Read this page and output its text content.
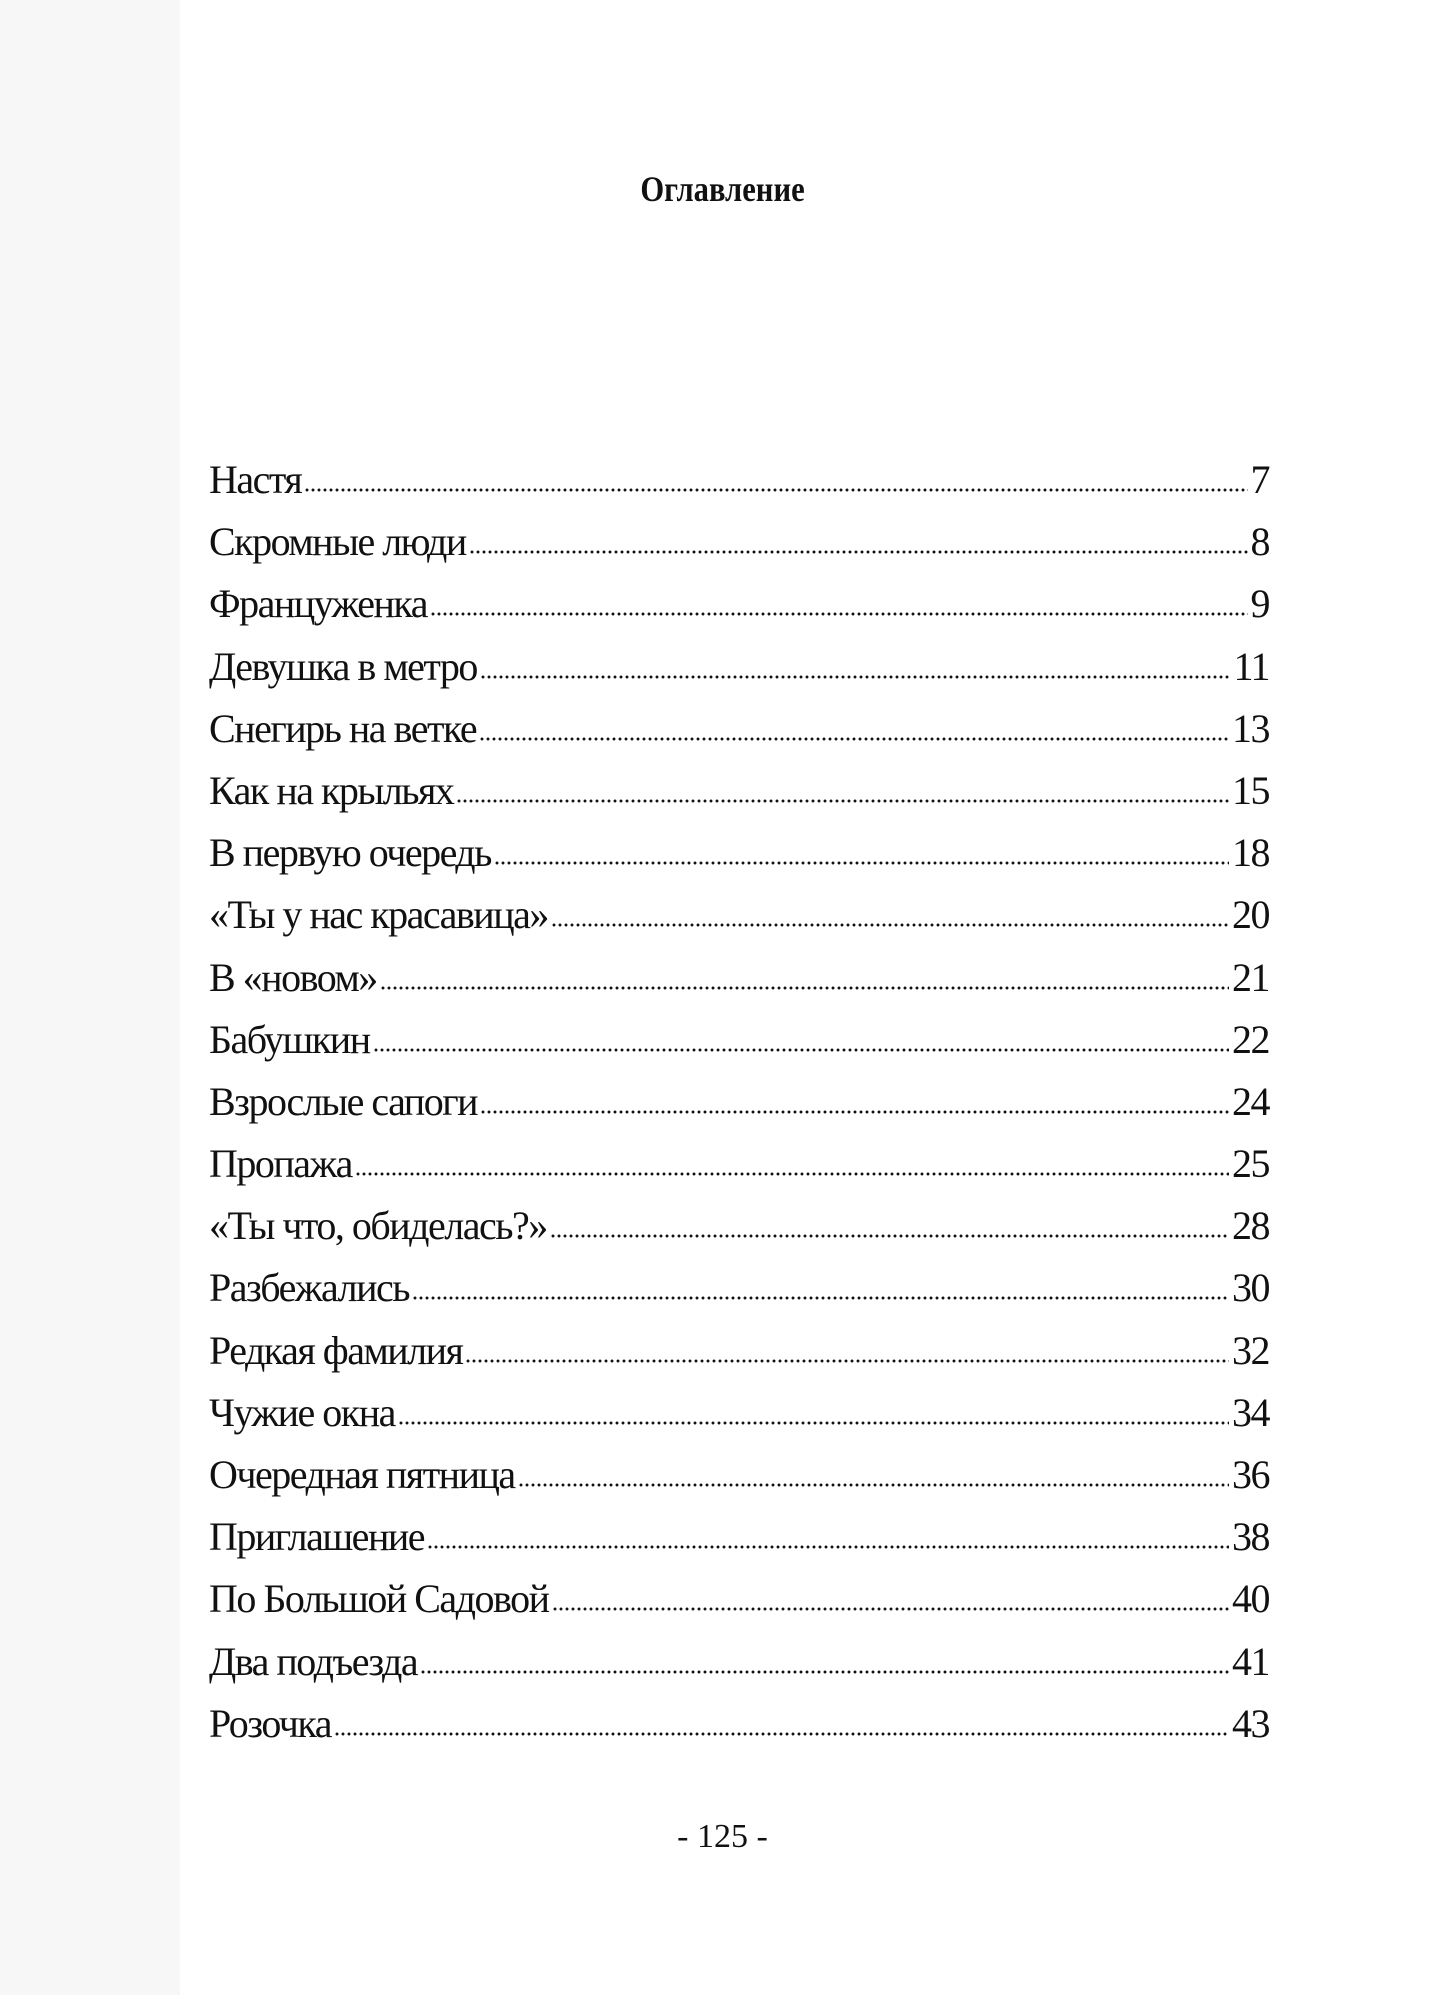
Оглавление
Настя	7
Скромные люди	8
Француженка	9
Девушка в метро	11
Снегирь на ветке	13
Как на крыльях	15
В первую очередь	18
«Ты у нас красавица»	20
В «новом»	21
Бабушкин	22
Взрослые сапоги	24
Пропажа	25
«Ты что, обиделась?»	28
Разбежались	30
Редкая фамилия	32
Чужие окна	34
Очередная пятница	36
Приглашение	38
По Большой Садовой	40
Два подъезда	41
Розочка	43
- 125 -
